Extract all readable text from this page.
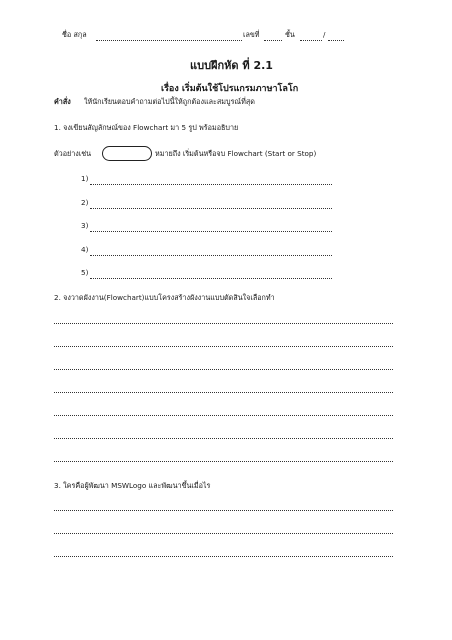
ชื่อ สกุล	เลขที่	ชั้น	/
แบบฝึกหัด ที่ 2.1
เรื่อง เริ่มต้นใช้โปรแกรมภาษาโลโก
คำสั่ง ให้นักเรียนตอบคำถามต่อไปนี้ให้ถูกต้องและสมบูรณ์ที่สุด
1. จงเขียนสัญลักษณ์ของ Flowchart มา 5 รูป พร้อมอธิบาย
ตัวอย่างเช่น	หมายถึง เริ่มต้นหรือจบ Flowchart (Start or Stop)
1)
2)
3)
4)
5)
2. จงวาดผังงาน(Flowchart)แบบโครงสร้างผังงานแบบตัดสินใจเลือกทำ
3. ใครคือผู้พัฒนา MSWLogo และพัฒนาขึ้นเมื่อไร
